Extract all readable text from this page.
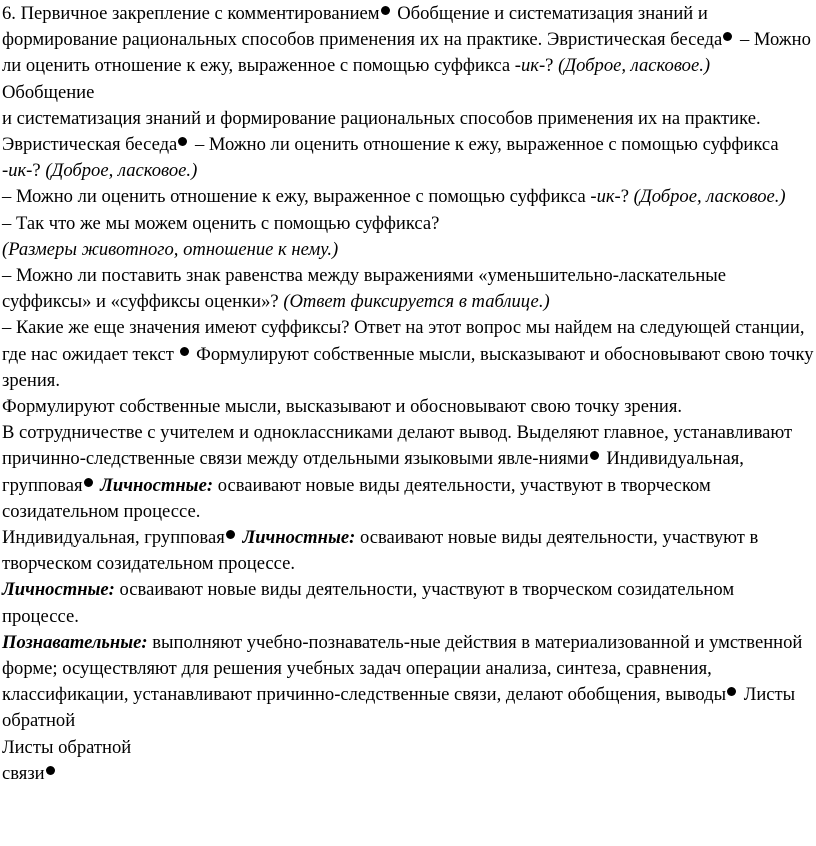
6. Первичное закрепление с комментированием Обобщение и систематизация знаний и формирование рациональных способов применения их на практике. Эвристическая беседа – Можно ли оценить отношение к ежу, выраженное с помощью суффикса -ик-? (Доброе, ласковое.)

Обобщение

и систематизация знаний и формирование рациональных способов применения их на практике. Эвристическая беседа – Можно ли оценить отношение к ежу, выраженное с помощью суффикса -ик-? (Доброе, ласковое.)

– Можно ли оценить отношение к ежу, выраженное с помощью суффикса -ик-? (Доброе, ласковое.)

– Так что же мы можем оценить с помощью суффикса?

(Размеры животного, отношение к нему.)

– Можно ли поставить знак равенства между выражениями «уменьшительно-ласкательные суффиксы» и «суффиксы оценки»? (Ответ фиксируется в таблице.)

– Какие же еще значения имеют суффиксы? Ответ на этот вопрос мы найдем на следующей станции, где нас ожидает текст  Формулируют собственные мысли, высказывают и обосновывают свою точку зрения.

Формулируют собственные мысли, высказывают и обосновывают свою точку зрения.

В сотрудничестве с учителем и одноклассниками делают вывод. Выделяют главное, устанавливают причинно-следственные связи между отдельными языковыми явле-ниями Индивидуальная, групповая Личностные: осваивают новые виды деятельности, участвуют в творческом созидательном процессе.

Индивидуальная, групповая Личностные: осваивают новые виды деятельности, участвуют в творческом созидательном процессе.

Личностные: осваивают новые виды деятельности, участвуют в творческом созидательном процессе.

Познавательные: выполняют учебно-познаватель-ные действия в материализованной и умственной форме; осуществляют для решения учебных задач операции анализа, синтеза, сравнения, классификации, устанавливают причинно-следственные связи, делают обобщения, выводы Листы обратной

Листы обратной

связи
